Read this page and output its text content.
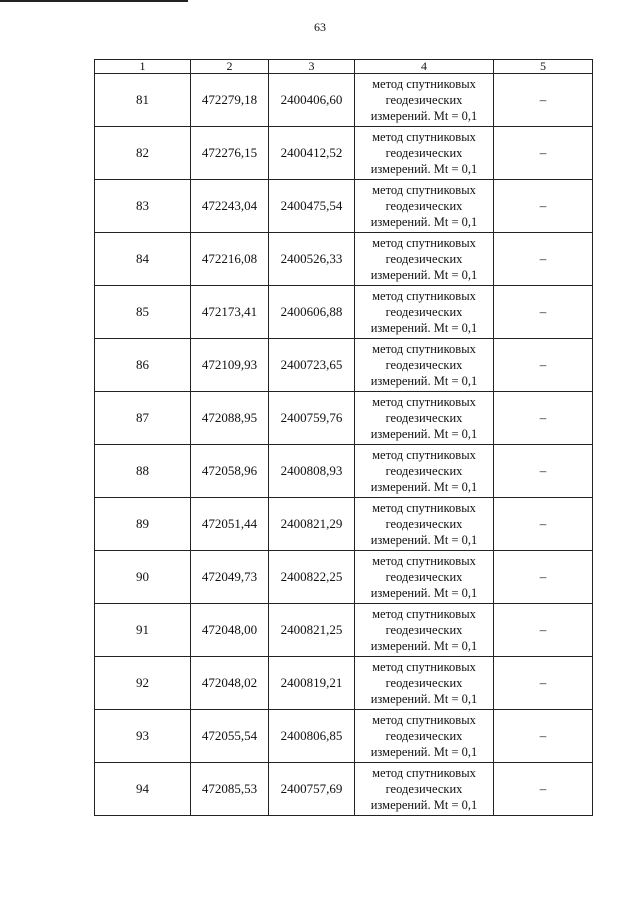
63
1	2	3	4	5
81	472279,18	2400406,60	метод спутниковых
геодезических
измерений. Mt = 0,1	–
82	472276,15	2400412,52	метод спутниковых
геодезических
измерений. Mt = 0,1	–
83	472243,04	2400475,54	метод спутниковых
геодезических
измерений. Mt = 0,1	–
84	472216,08	2400526,33	метод спутниковых
геодезических
измерений. Mt = 0,1	–
85	472173,41	2400606,88	метод спутниковых
геодезических
измерений. Mt = 0,1	–
86	472109,93	2400723,65	метод спутниковых
геодезических
измерений. Mt = 0,1	–
87	472088,95	2400759,76	метод спутниковых
геодезических
измерений. Mt = 0,1	–
88	472058,96	2400808,93	метод спутниковых
геодезических
измерений. Mt = 0,1	–
89	472051,44	2400821,29	метод спутниковых
геодезических
измерений. Mt = 0,1	–
90	472049,73	2400822,25	метод спутниковых
геодезических
измерений. Mt = 0,1	–
91	472048,00	2400821,25	метод спутниковых
геодезических
измерений. Mt = 0,1	–
92	472048,02	2400819,21	метод спутниковых
геодезических
измерений. Mt = 0,1	–
93	472055,54	2400806,85	метод спутниковых
геодезических
измерений. Mt = 0,1	–
94	472085,53	2400757,69	метод спутниковых
геодезических
измерений. Mt = 0,1	–
